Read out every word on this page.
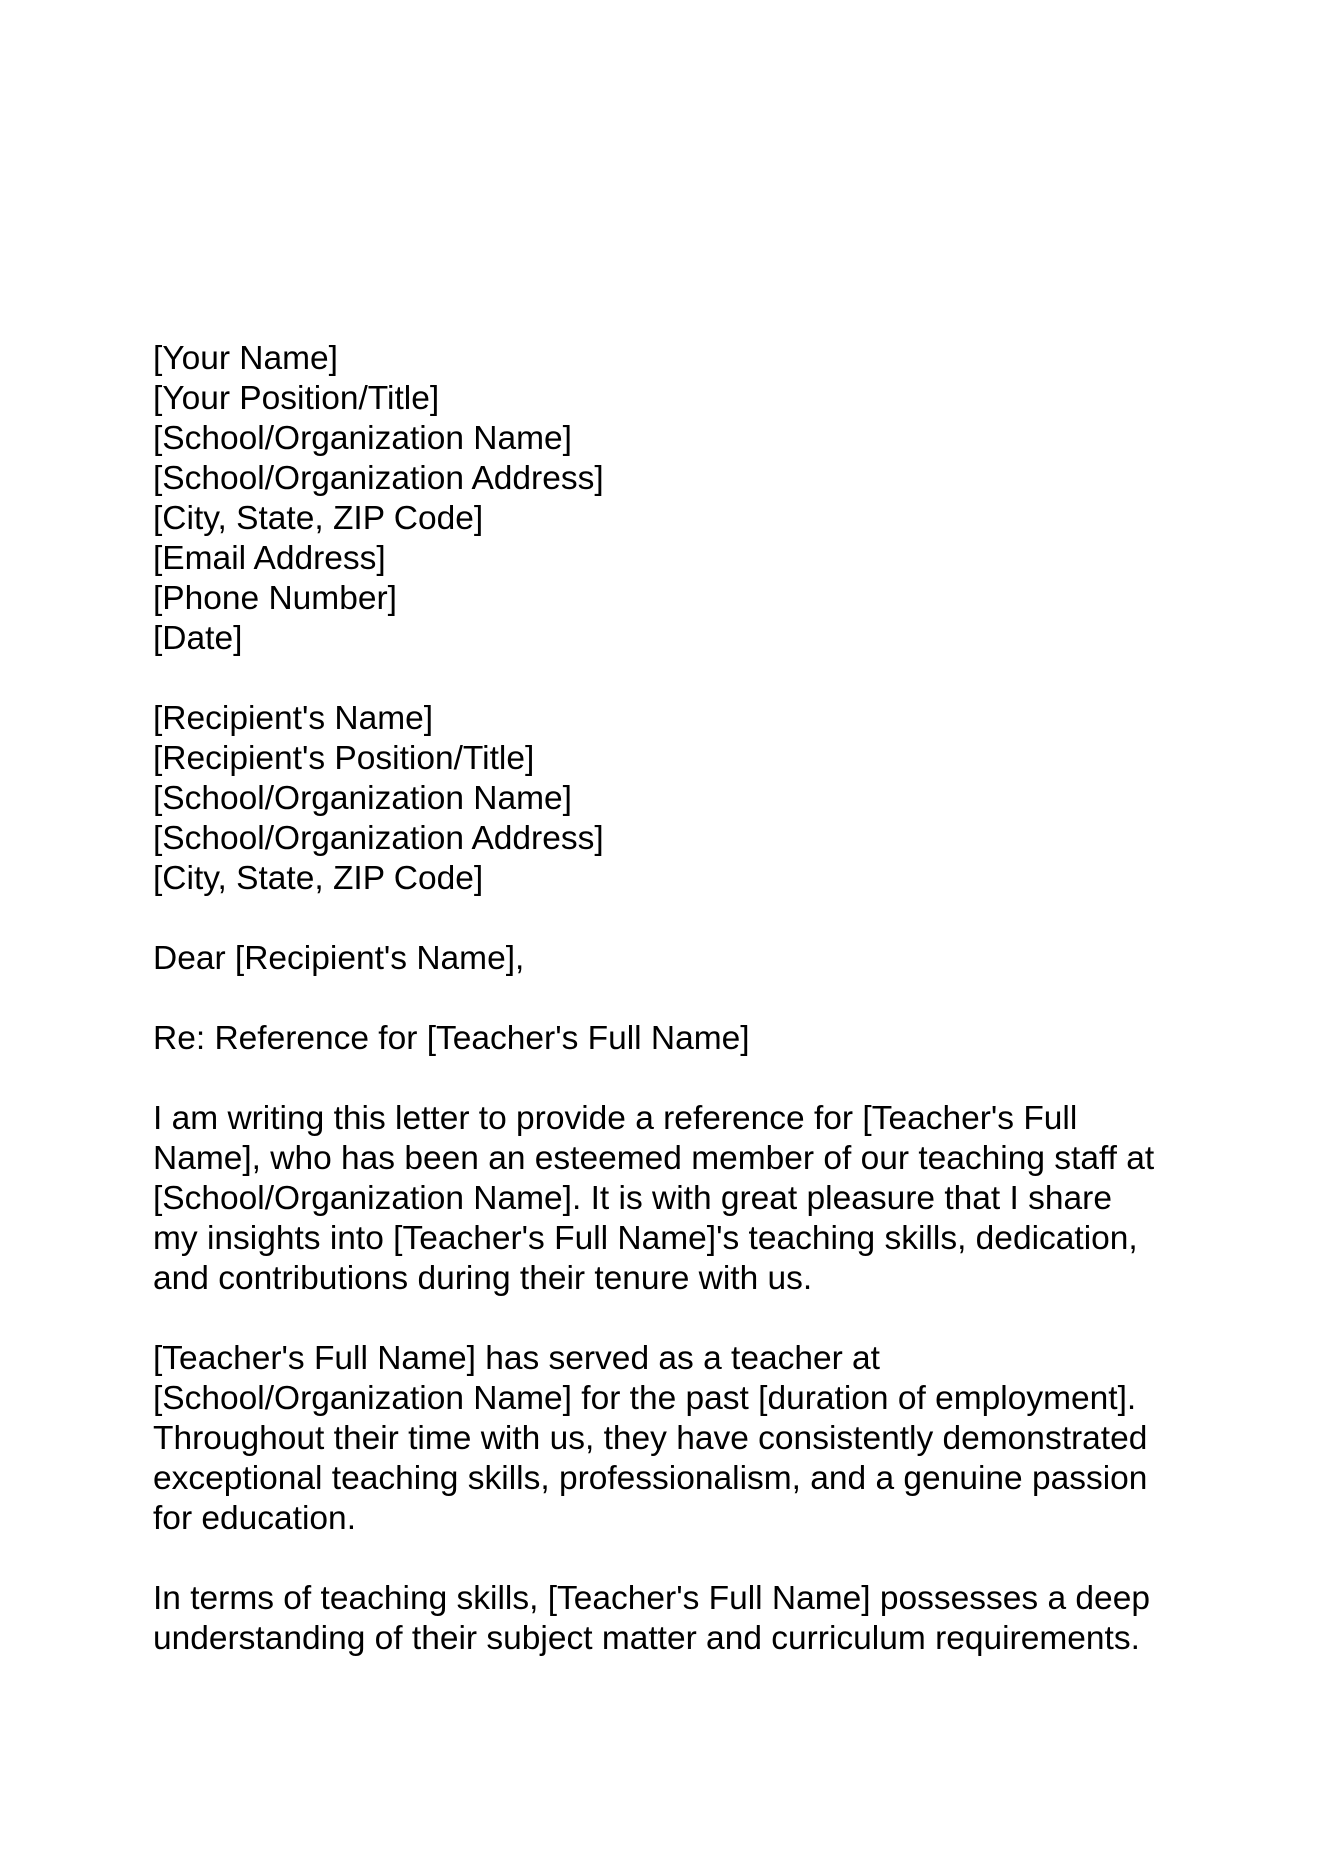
[Your Name]
[Your Position/Title]
[School/Organization Name]
[School/Organization Address]
[City, State, ZIP Code]
[Email Address]
[Phone Number]
[Date]
[Recipient's Name]
[Recipient's Position/Title]
[School/Organization Name]
[School/Organization Address]
[City, State, ZIP Code]
Dear [Recipient's Name],
Re: Reference for [Teacher's Full Name]
I am writing this letter to provide a reference for [Teacher's Full
Name], who has been an esteemed member of our teaching staff at
[School/Organization Name]. It is with great pleasure that I share
my insights into [Teacher's Full Name]'s teaching skills, dedication,
and contributions during their tenure with us.
[Teacher's Full Name] has served as a teacher at
[School/Organization Name] for the past [duration of employment].
Throughout their time with us, they have consistently demonstrated
exceptional teaching skills, professionalism, and a genuine passion
for education.
In terms of teaching skills, [Teacher's Full Name] possesses a deep
understanding of their subject matter and curriculum requirements.
